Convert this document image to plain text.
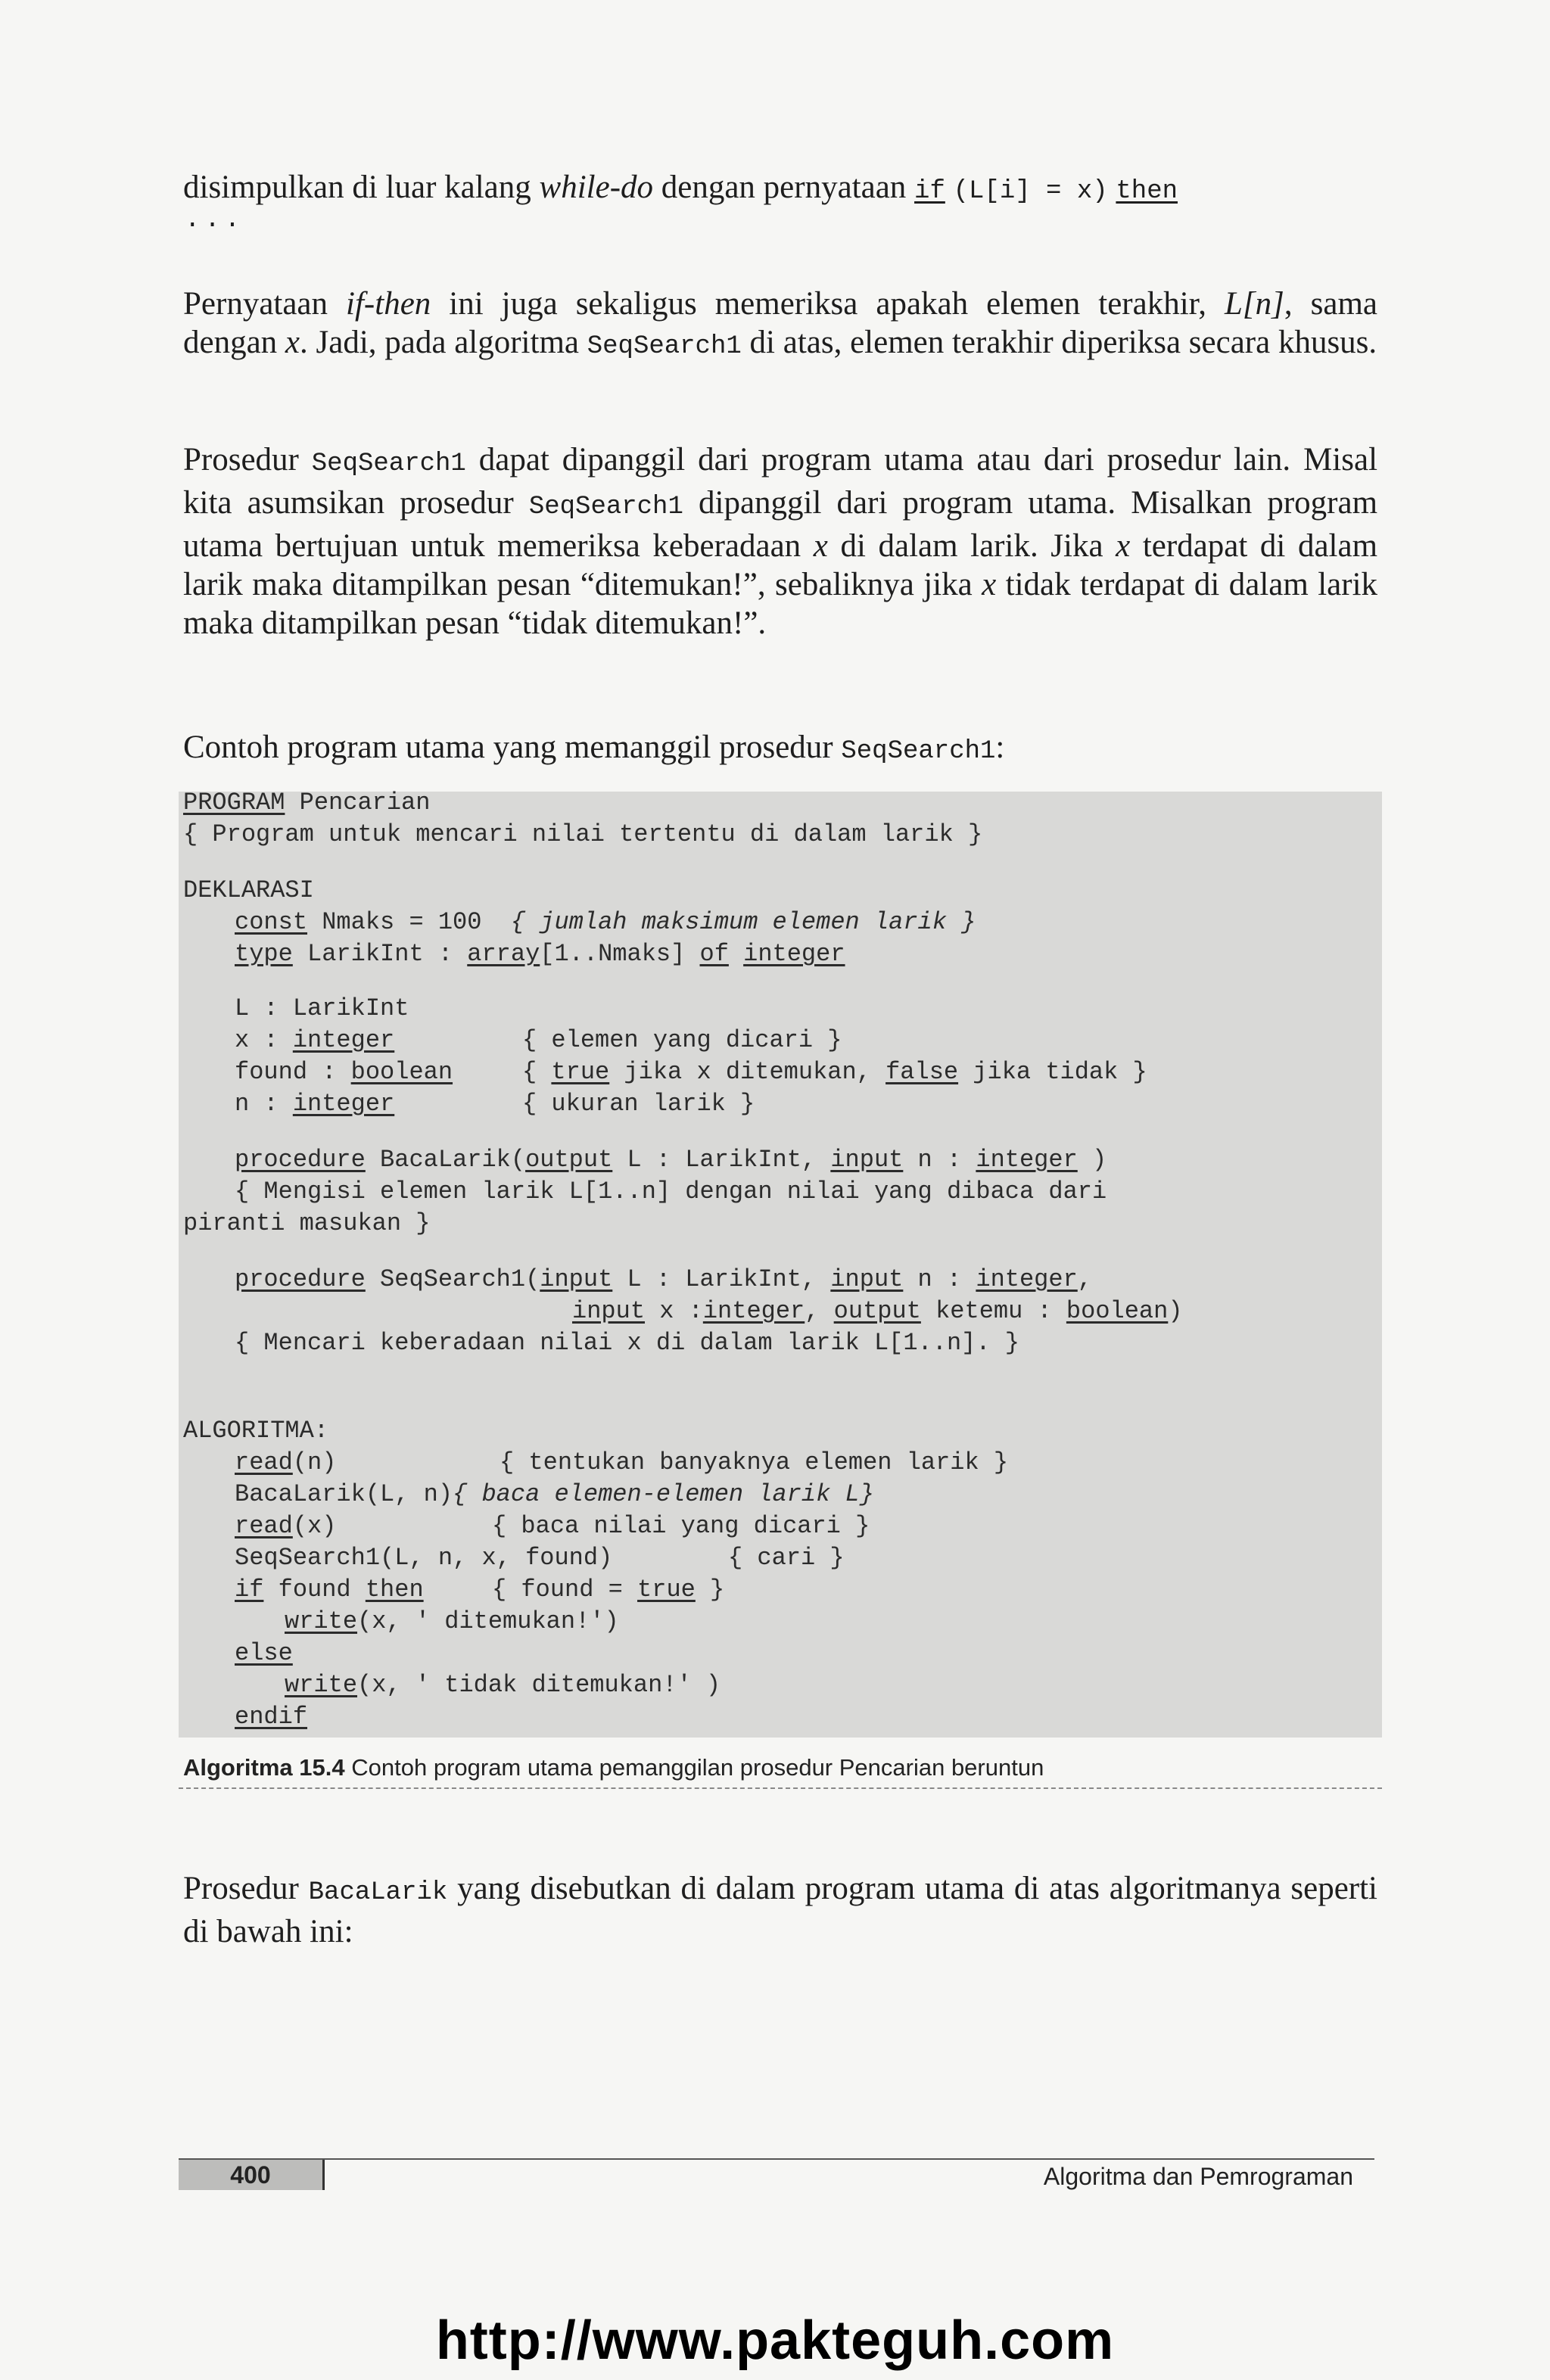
disimpulkan di luar kalang while-do dengan pernyataan if (L[i] = x) then
...
Pernyataan if-then ini juga sekaligus memeriksa apakah elemen terakhir, L[n], sama dengan x. Jadi, pada algoritma SeqSearch1 di atas, elemen terakhir diperiksa secara khusus.
Prosedur SeqSearch1 dapat dipanggil dari program utama atau dari prosedur lain. Misal kita asumsikan prosedur SeqSearch1 dipanggil dari program utama. Misalkan program utama bertujuan untuk memeriksa keberadaan x di dalam larik. Jika x terdapat di dalam larik maka ditampilkan pesan “ditemukan!”, sebaliknya jika x tidak terdapat di dalam larik maka ditampilkan pesan “tidak ditemukan!”.
Contoh program utama yang memanggil prosedur SeqSearch1:
PROGRAM Pencarian
{ Program untuk mencari nilai tertentu di dalam larik }
DEKLARASI
const Nmaks = 100 { jumlah maksimum elemen larik }
type LarikInt : array[1..Nmaks] of integer
L : LarikInt
x : integer	{ elemen yang dicari }
found : boolean	{ true jika x ditemukan, false jika tidak }
n : integer	{ ukuran larik }
procedure BacaLarik(output L : LarikInt, input n : integer )
{ Mengisi elemen larik L[1..n] dengan nilai yang dibaca dari
piranti masukan }
procedure SeqSearch1(input L : LarikInt, input n : integer,
input x :integer, output ketemu : boolean)
{ Mencari keberadaan nilai x di dalam larik L[1..n]. }
ALGORITMA:
read(n)	{ tentukan banyaknya elemen larik }
BacaLarik(L, n){ baca elemen-elemen larik L}
read(x)	{ baca nilai yang dicari }
SeqSearch1(L, n, x, found)	{ cari }
if found then	{ found = true }
write(x, ' ditemukan!')
else
write(x, ' tidak ditemukan!' )
endif
Algoritma 15.4 Contoh program utama pemanggilan prosedur Pencarian beruntun
Prosedur BacaLarik yang disebutkan di dalam program utama di atas algoritmanya seperti di bawah ini:
400	Algoritma dan Pemrograman
http://www.pakteguh.com
